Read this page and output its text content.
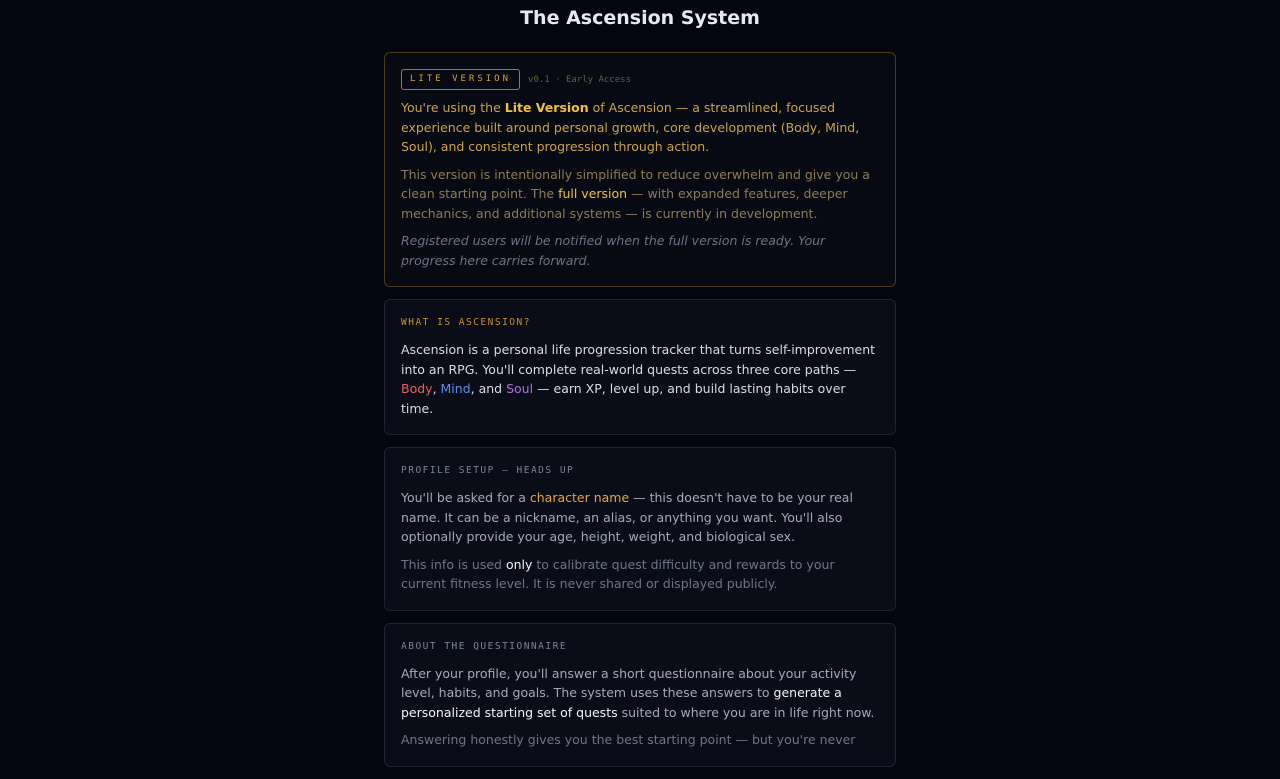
The Ascension System
LITE VERSION	v0.1 · Early Access

You're using the Lite Version of Ascension — a streamlined, focused experience built around personal growth, core development (Body, Mind, Soul), and consistent progression through action.

This version is intentionally simplified to reduce overwhelm and give you a clean starting point. The full version — with expanded features, deeper mechanics, and additional systems — is currently in development.

Registered users will be notified when the full version is ready. Your progress here carries forward.

WHAT IS ASCENSION?

Ascension is a personal life progression tracker that turns self-improvement into an RPG. You'll complete real-world quests across three core paths — Body, Mind, and Soul — earn XP, level up, and build lasting habits over time.

PROFILE SETUP — HEADS UP

You'll be asked for a character name — this doesn't have to be your real name. It can be a nickname, an alias, or anything you want. You'll also optionally provide your age, height, weight, and biological sex.

This info is used only to calibrate quest difficulty and rewards to your current fitness level. It is never shared or displayed publicly.

ABOUT THE QUESTIONNAIRE

After your profile, you'll answer a short questionnaire about your activity level, habits, and goals. The system uses these answers to generate a personalized starting set of quests suited to where you are in life right now.

Answering honestly gives you the best starting point — but you're never
